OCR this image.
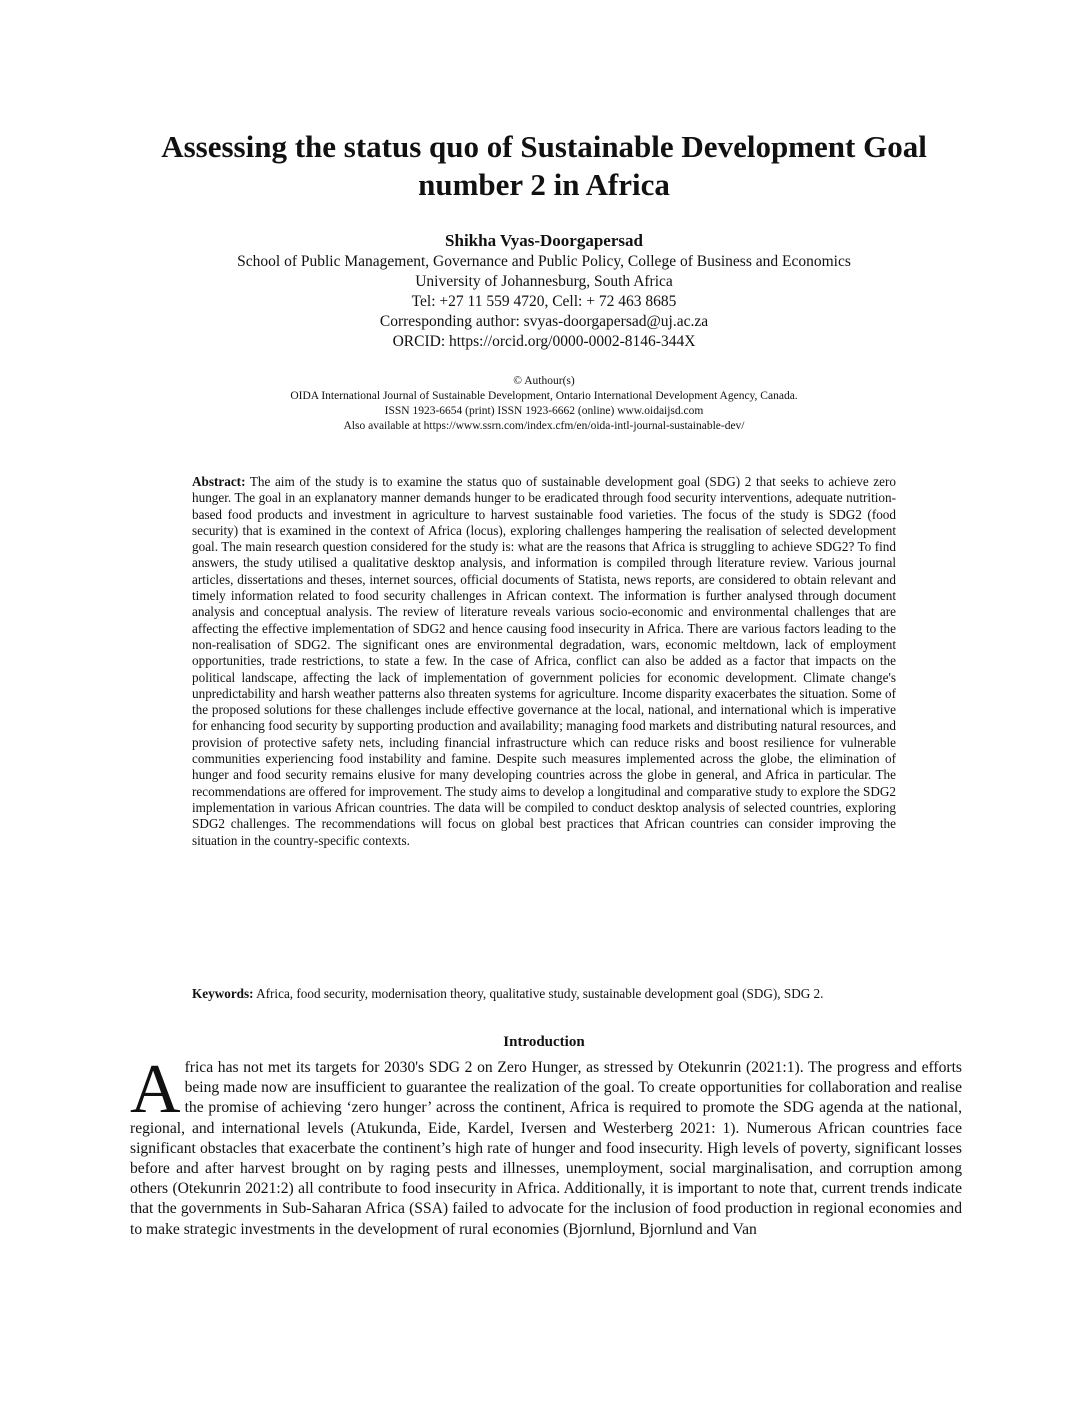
Assessing the status quo of Sustainable Development Goal number 2 in Africa
Shikha Vyas-Doorgapersad
School of Public Management, Governance and Public Policy, College of Business and Economics
University of Johannesburg, South Africa
Tel: +27 11 559 4720, Cell: + 72 463 8685
Corresponding author: svyas-doorgapersad@uj.ac.za
ORCID: https://orcid.org/0000-0002-8146-344X
© Authour(s)
OIDA International Journal of Sustainable Development, Ontario International Development Agency, Canada.
ISSN 1923-6654 (print) ISSN 1923-6662 (online) www.oidaijsd.com
Also available at https://www.ssrn.com/index.cfm/en/oida-intl-journal-sustainable-dev/

Abstract: The aim of the study is to examine the status quo of sustainable development goal (SDG) 2 that seeks to achieve zero hunger. The goal in an explanatory manner demands hunger to be eradicated through food security interventions, adequate nutrition-based food products and investment in agriculture to harvest sustainable food varieties. The focus of the study is SDG2 (food security) that is examined in the context of Africa (locus), exploring challenges hampering the realisation of selected development goal. The main research question considered for the study is: what are the reasons that Africa is struggling to achieve SDG2? To find answers, the study utilised a qualitative desktop analysis, and information is compiled through literature review. Various journal articles, dissertations and theses, internet sources, official documents of Statista, news reports, are considered to obtain relevant and timely information related to food security challenges in African context. The information is further analysed through document analysis and conceptual analysis. The review of literature reveals various socio-economic and environmental challenges that are affecting the effective implementation of SDG2 and hence causing food insecurity in Africa. There are various factors leading to the non-realisation of SDG2. The significant ones are environmental degradation, wars, economic meltdown, lack of employment opportunities, trade restrictions, to state a few. In the case of Africa, conflict can also be added as a factor that impacts on the political landscape, affecting the lack of implementation of government policies for economic development. Climate change's unpredictability and harsh weather patterns also threaten systems for agriculture. Income disparity exacerbates the situation. Some of the proposed solutions for these challenges include effective governance at the local, national, and international which is imperative for enhancing food security by supporting production and availability; managing food markets and distributing natural resources, and provision of protective safety nets, including financial infrastructure which can reduce risks and boost resilience for vulnerable communities experiencing food instability and famine. Despite such measures implemented across the globe, the elimination of hunger and food security remains elusive for many developing countries across the globe in general, and Africa in particular. The recommendations are offered for improvement. The study aims to develop a longitudinal and comparative study to explore the SDG2 implementation in various African countries. The data will be compiled to conduct desktop analysis of selected countries, exploring SDG2 challenges. The recommendations will focus on global best practices that African countries can consider improving the situation in the country-specific contexts.

Keywords: Africa, food security, modernisation theory, qualitative study, sustainable development goal (SDG), SDG 2.

Introduction

Africa has not met its targets for 2030's SDG 2 on Zero Hunger, as stressed by Otekunrin (2021:1). The progress and efforts being made now are insufficient to guarantee the realization of the goal. To create opportunities for collaboration and realise the promise of achieving ‘zero hunger’ across the continent, Africa is required to promote the SDG agenda at the national, regional, and international levels (Atukunda, Eide, Kardel, Iversen and Westerberg 2021: 1). Numerous African countries face significant obstacles that exacerbate the continent’s high rate of hunger and food insecurity. High levels of poverty, significant losses before and after harvest brought on by raging pests and illnesses, unemployment, social marginalisation, and corruption among others (Otekunrin 2021:2) all contribute to food insecurity in Africa. Additionally, it is important to note that, current trends indicate that the governments in Sub-Saharan Africa (SSA) failed to advocate for the inclusion of food production in regional economies and to make strategic investments in the development of rural economies (Bjornlund, Bjornlund and Van
